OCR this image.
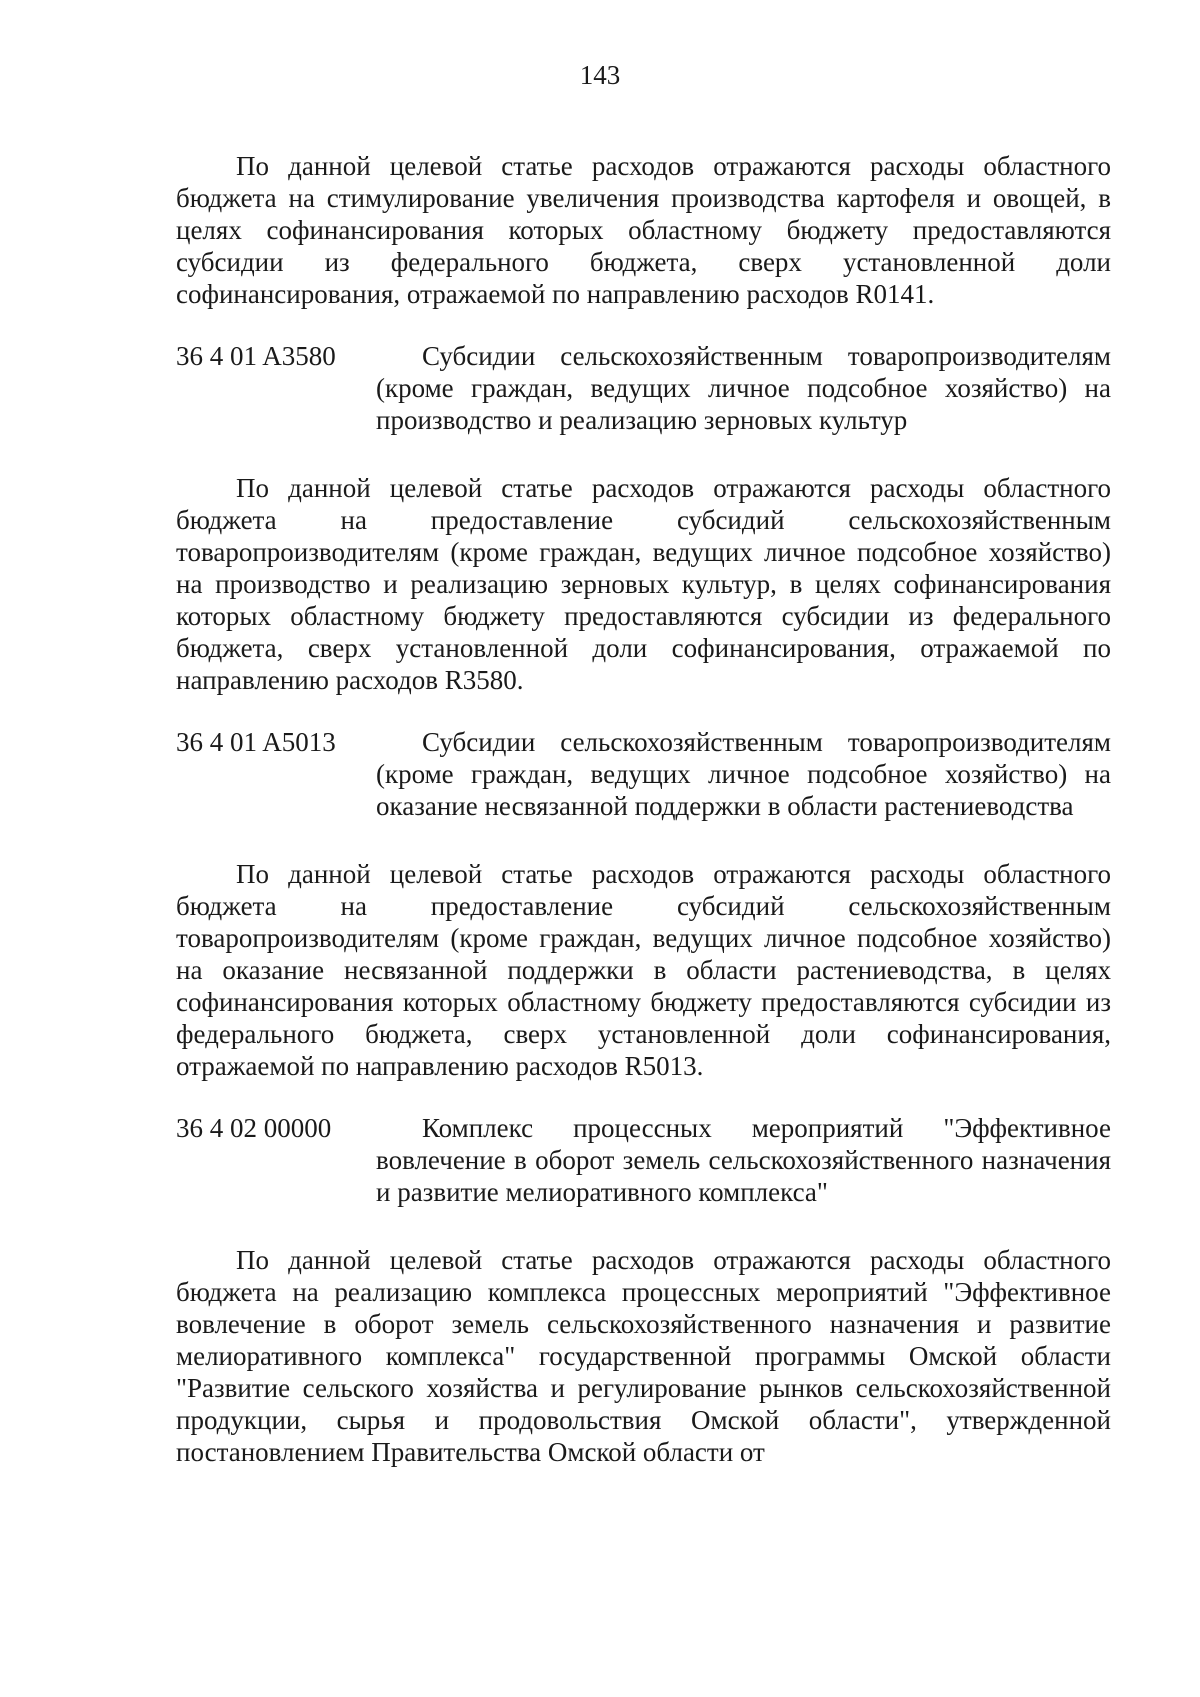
143

По данной целевой статье расходов отражаются расходы областного бюджета на стимулирование увеличения производства картофеля и овощей, в целях софинансирования которых областному бюджету предоставляются субсидии из федерального бюджета, сверх установленной доли софинансирования, отражаемой по направлению расходов R0141.

36 4 01 A3580	Субсидии сельскохозяйственным товаропроизводителям (кроме граждан, ведущих личное подсобное хозяйство) на производство и реализацию зерновых культур

По данной целевой статье расходов отражаются расходы областного бюджета на предоставление субсидий сельскохозяйственным товаропроизводителям (кроме граждан, ведущих личное подсобное хозяйство) на производство и реализацию зерновых культур, в целях софинансирования которых областному бюджету предоставляются субсидии из федерального бюджета, сверх установленной доли софинансирования, отражаемой по направлению расходов R3580.

36 4 01 A5013	Субсидии сельскохозяйственным товаропроизводителям (кроме граждан, ведущих личное подсобное хозяйство) на оказание несвязанной поддержки в области растениеводства

По данной целевой статье расходов отражаются расходы областного бюджета на предоставление субсидий сельскохозяйственным товаропроизводителям (кроме граждан, ведущих личное подсобное хозяйство) на оказание несвязанной поддержки в области растениеводства, в целях софинансирования которых областному бюджету предоставляются субсидии из федерального бюджета, сверх установленной доли софинансирования, отражаемой по направлению расходов R5013.

36 4 02 00000	Комплекс процессных мероприятий "Эффективное вовлечение в оборот земель сельскохозяйственного назначения и развитие мелиоративного комплекса"

По данной целевой статье расходов отражаются расходы областного бюджета на реализацию комплекса процессных мероприятий "Эффективное вовлечение в оборот земель сельскохозяйственного назначения и развитие мелиоративного комплекса" государственной программы Омской области "Развитие сельского хозяйства и регулирование рынков сельскохозяйственной продукции, сырья и продовольствия Омской области", утвержденной постановлением Правительства Омской области от
